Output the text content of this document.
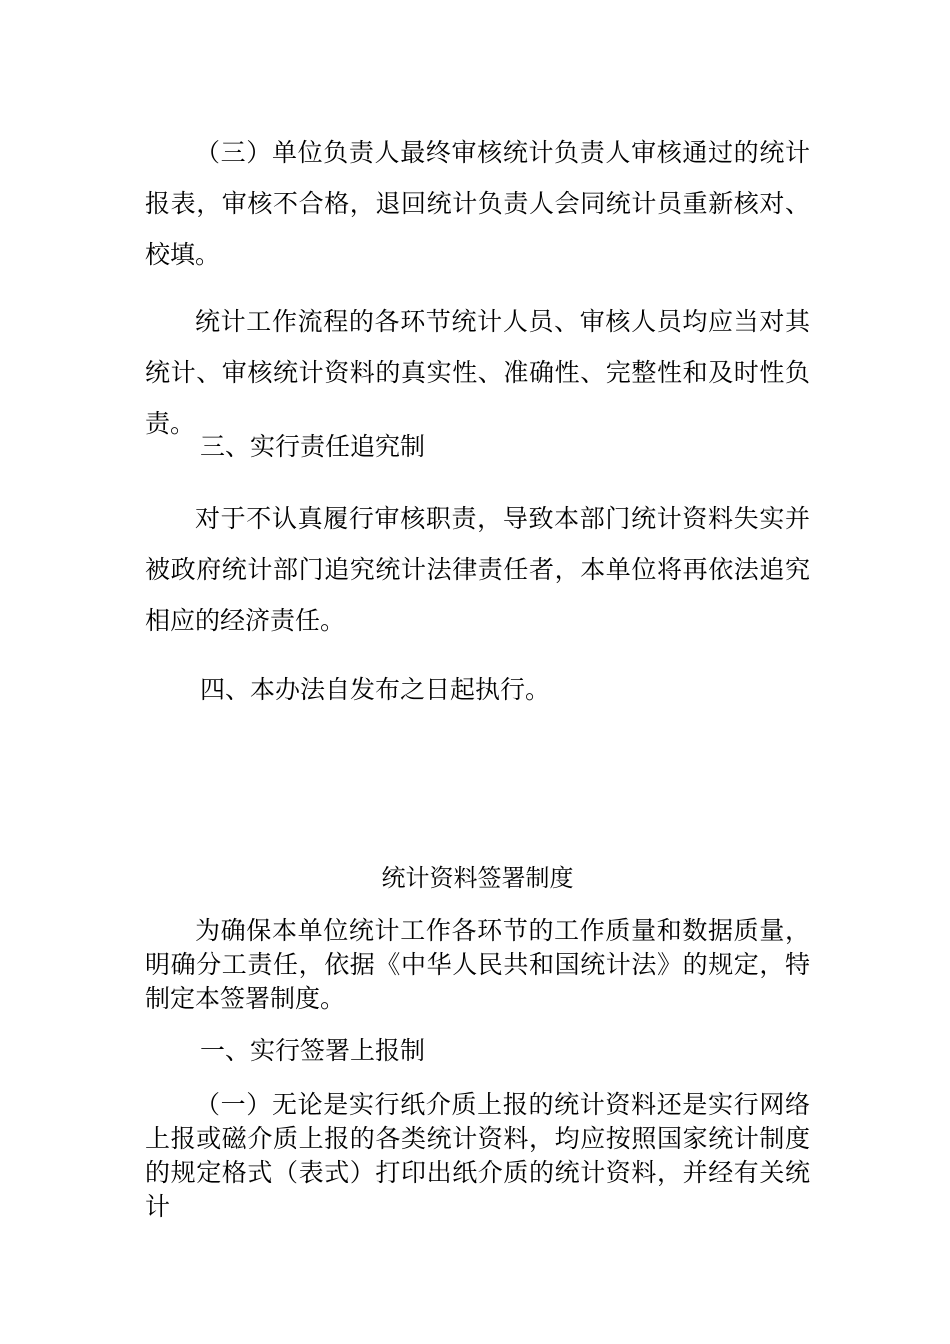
（三）单位负责人最终审核统计负责人审核通过的统计报表，审核不合格，退回统计负责人会同统计员重新核对、校填。

统计工作流程的各环节统计人员、审核人员均应当对其统计、审核统计资料的真实性、准确性、完整性和及时性负责。

三、实行责任追究制

对于不认真履行审核职责，导致本部门统计资料失实并被政府统计部门追究统计法律责任者，本单位将再依法追究相应的经济责任。

四、本办法自发布之日起执行。
统计资料签署制度

为确保本单位统计工作各环节的工作质量和数据质量，明确分工责任，依据《中华人民共和国统计法》的规定，特制定本签署制度。

一、实行签署上报制

（一）无论是实行纸介质上报的统计资料还是实行网络上报或磁介质上报的各类统计资料，均应按照国家统计制度的规定格式（表式）打印出纸介质的统计资料，并经有关统计
